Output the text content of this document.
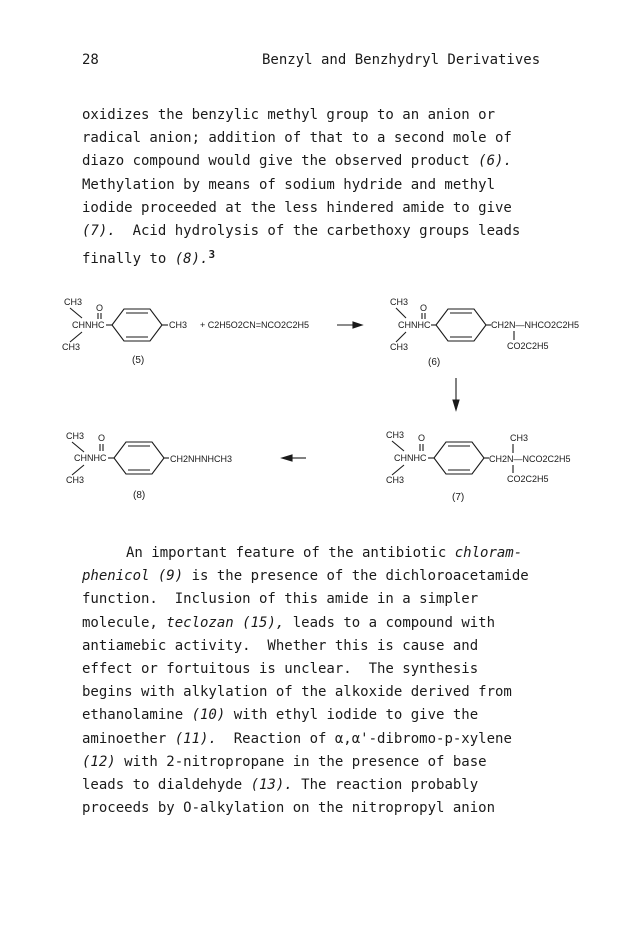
28	Benzyl and Benzhydryl Derivatives

oxidizes the benzylic methyl group to an anion or
radical anion; addition of that to a second mole of
diazo compound would give the observed product (6).
Methylation by means of sodium hydride and methyl
iodide proceeded at the less hindered amide to give
(7).  Acid hydrolysis of the carbethoxy groups leads
finally to (8).$^3$

CH3
O
CHNHC
CH3
CH3
(5)
+ C2H5O2CN=NCO2C2H5
CH3
O
CHNHC
CH3
CH2N—NHCO2C2H5
CO2C2H5
(6)
CH3 O
CHNHC
CH3
CH2NHNHCH3
(8)
CH3 O
CHNHC
CH3
CH3
CH2N—NCO2C2H5
CO2C2H5
(7)

An important feature of the antibiotic chloram-
phenicol (9) is the presence of the dichloroacetamide
function.  Inclusion of this amide in a simpler
molecule, teclozan (15), leads to a compound with
antiamebic activity.  Whether this is cause and
effect or fortuitous is unclear.  The synthesis
begins with alkylation of the alkoxide derived from
ethanolamine (10) with ethyl iodide to give the
aminoether (11).  Reaction of α,α'-dibromo-p-xylene
(12) with 2-nitropropane in the presence of base
leads to dialdehyde (13). The reaction probably
proceeds by O-alkylation on the nitropropyl anion
